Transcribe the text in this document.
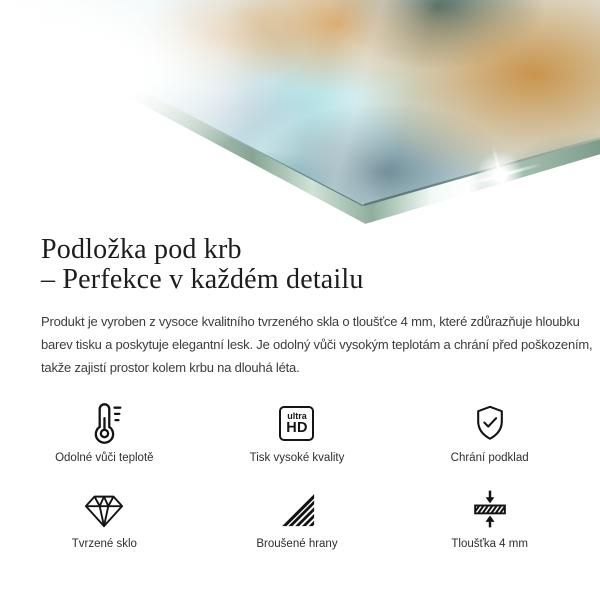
Podložka pod krb
– Perfekce v každém detailu

Produkt je vyroben z vysoce kvalitního tvrzeného skla o tloušťce 4 mm, které zdůrazňuje hloubku
barev tisku a poskytuje elegantní lesk. Je odolný vůči vysokým teplotám a chrání před poškozením,
takže zajistí prostor kolem krbu na dlouhá léta.

Odolné vůči teplotě
ultra
HD
Tisk vysoké kvality	Chrání podklad
Tvrzené sklo	Broušené hrany	Tloušťka 4 mm
